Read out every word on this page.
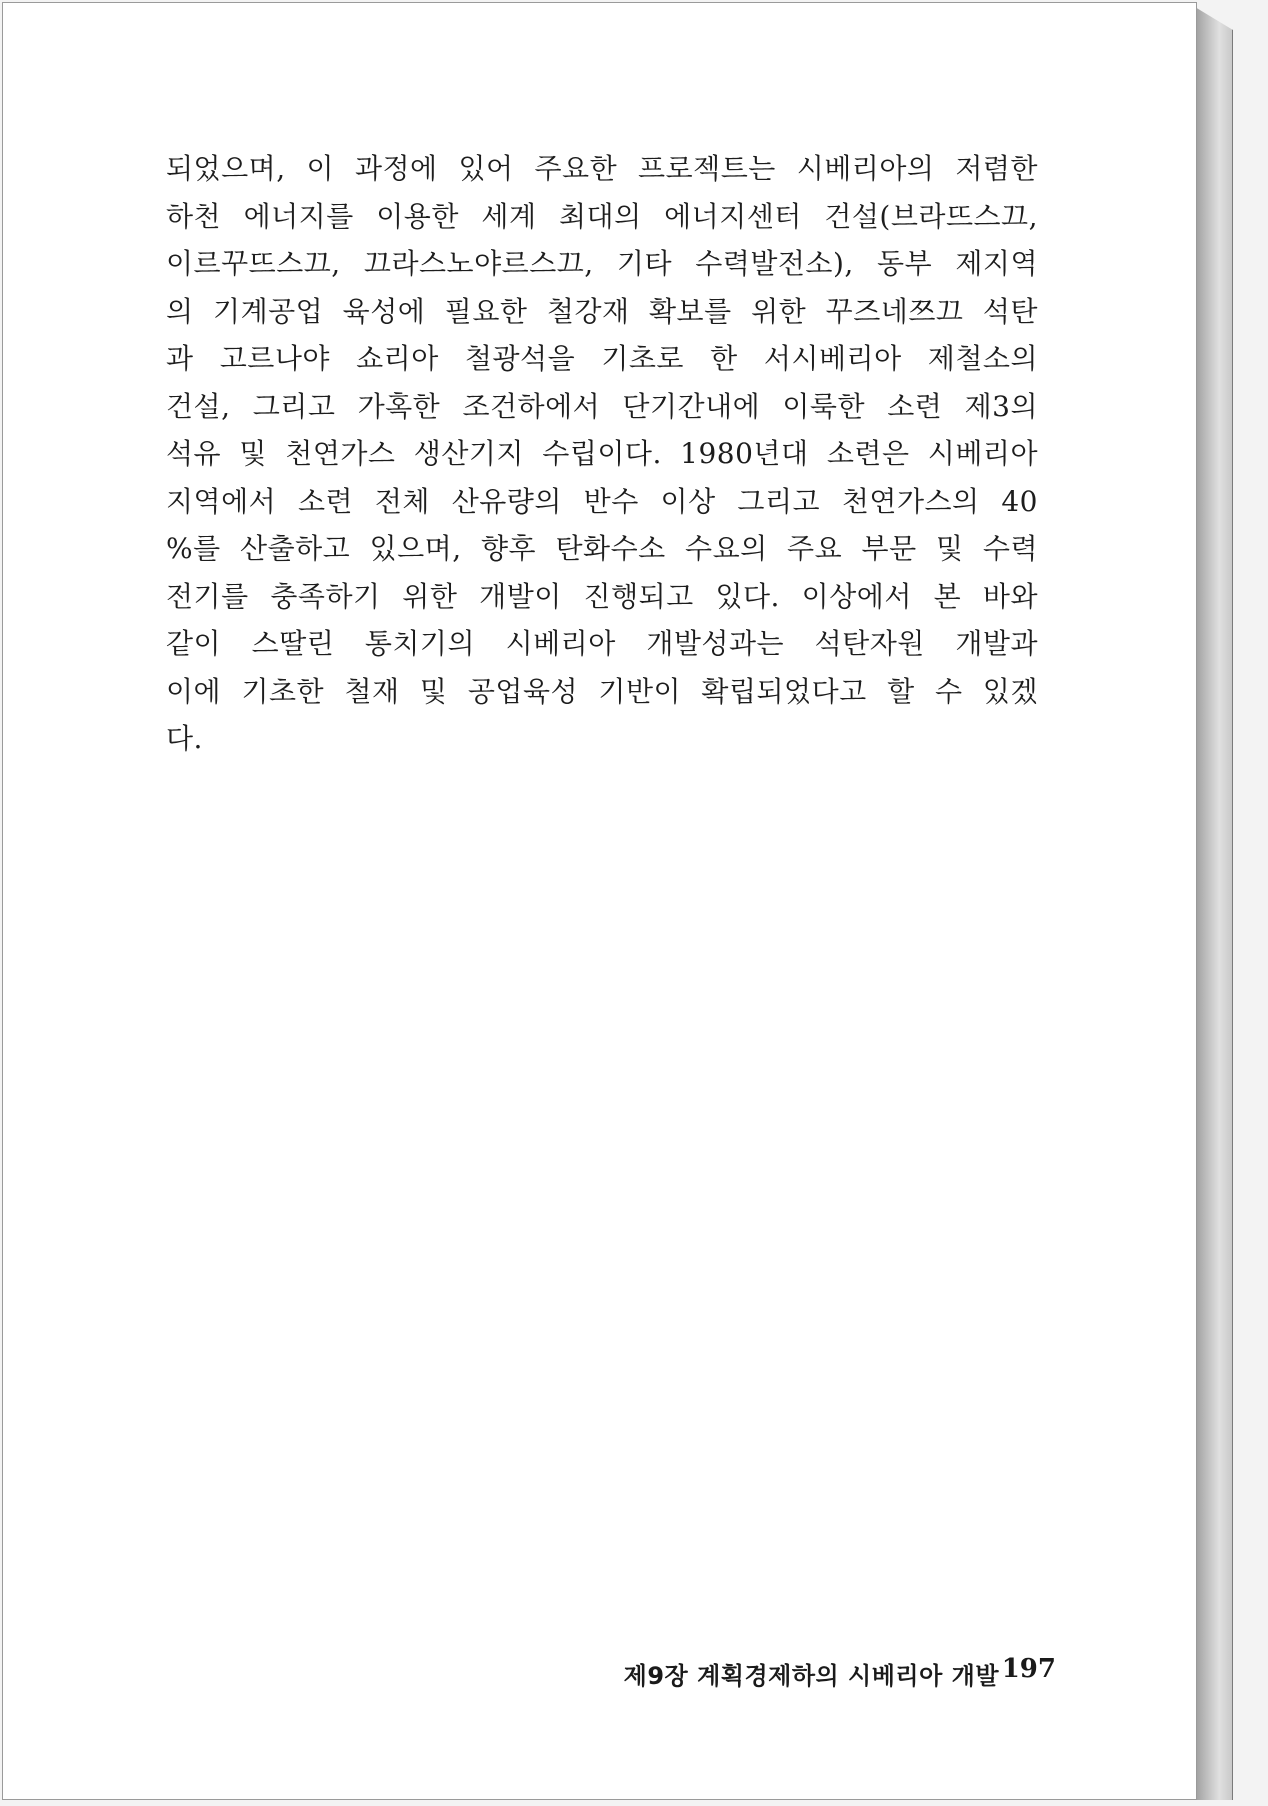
되었으며, 이 과정에 있어 주요한 프로젝트는 시베리아의 저렴한
하천 에너지를 이용한 세계 최대의 에너지센터 건설(브라뜨스끄,
이르꾸뜨스끄, 끄라스노야르스끄, 기타 수력발전소), 동부 제지역
의 기계공업 육성에 필요한 철강재 확보를 위한 꾸즈네쯔끄 석탄
과 고르나야 쇼리아 철광석을 기초로 한 서시베리아 제철소의
건설, 그리고 가혹한 조건하에서 단기간내에 이룩한 소련 제3의
석유 및 천연가스 생산기지 수립이다. 1980년대 소련은 시베리아
지역에서 소련 전체 산유량의 반수 이상 그리고 천연가스의 40
%를 산출하고 있으며, 향후 탄화수소 수요의 주요 부문 및 수력
전기를 충족하기 위한 개발이 진행되고 있다. 이상에서 본 바와
같이 스딸린 통치기의 시베리아 개발성과는 석탄자원 개발과
이에 기초한 철재 및 공업육성 기반이 확립되었다고 할 수 있겠
다.

제9장 계획경제하의 시베리아 개발 197
